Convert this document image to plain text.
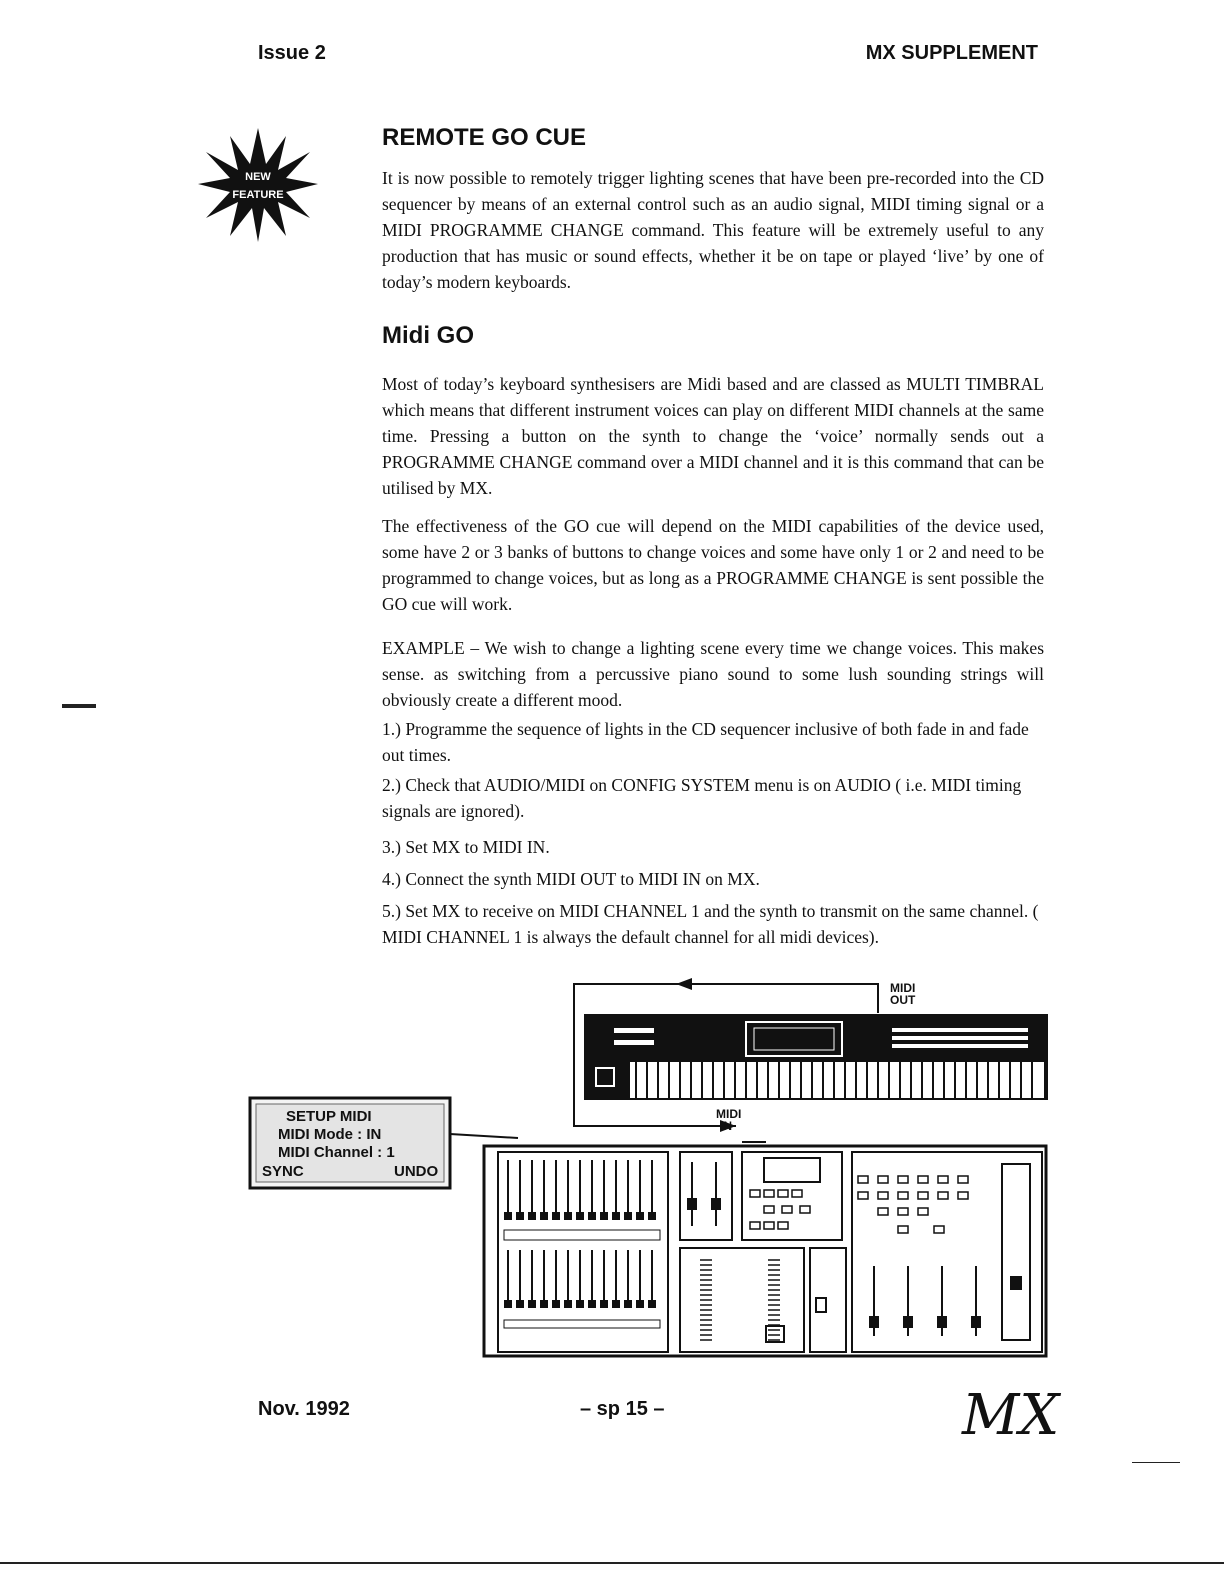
Issue 2	MX SUPPLEMENT
NEW
FEATURE
REMOTE GO CUE

It is now possible to remotely trigger lighting scenes that have been pre-recorded into the CD sequencer by means of an external control such as an audio signal, MIDI timing signal or a MIDI PROGRAMME CHANGE command. This feature will be extremely useful to any production that has music or sound effects, whether it be on tape or played ‘live’ by one of today’s modern keyboards.

Midi GO

Most of today’s keyboard synthesisers are Midi based and are classed as MULTI TIMBRAL which means that different instrument voices can play on different MIDI channels at the same time. Pressing a button on the synth to change the ‘voice’ normally sends out a PROGRAMME CHANGE command over a MIDI channel and it is this command that can be utilised by MX.

The effectiveness of the GO cue will depend on the MIDI capabilities of the device used, some have 2 or 3 banks of buttons to change voices and some have only 1 or 2 and need to be programmed to change voices, but as long as a PROGRAMME CHANGE is sent possible the GO cue will work.

EXAMPLE – We wish to change a lighting scene every time we change voices. This makes sense. as switching from a percussive piano sound to some lush sounding strings will obviously create a different mood.

1.) Programme the sequence of lights in the CD sequencer inclusive of both fade in and fade out times.

2.) Check that AUDIO/MIDI on CONFIG SYSTEM menu is on AUDIO ( i.e. MIDI timing signals are ignored).

3.) Set MX to MIDI IN.

4.) Connect the synth MIDI OUT to MIDI IN on MX.

5.) Set MX to receive on MIDI CHANNEL 1 and the synth to transmit on the same channel. ( MIDI CHANNEL 1 is always the default channel for all midi devices).

MIDI
OUT
MIDI
IN
SETUP MIDI
MIDI Mode : IN
MIDI Channel : 1
SYNC	UNDO
Nov. 1992	– sp 15 –	MX
